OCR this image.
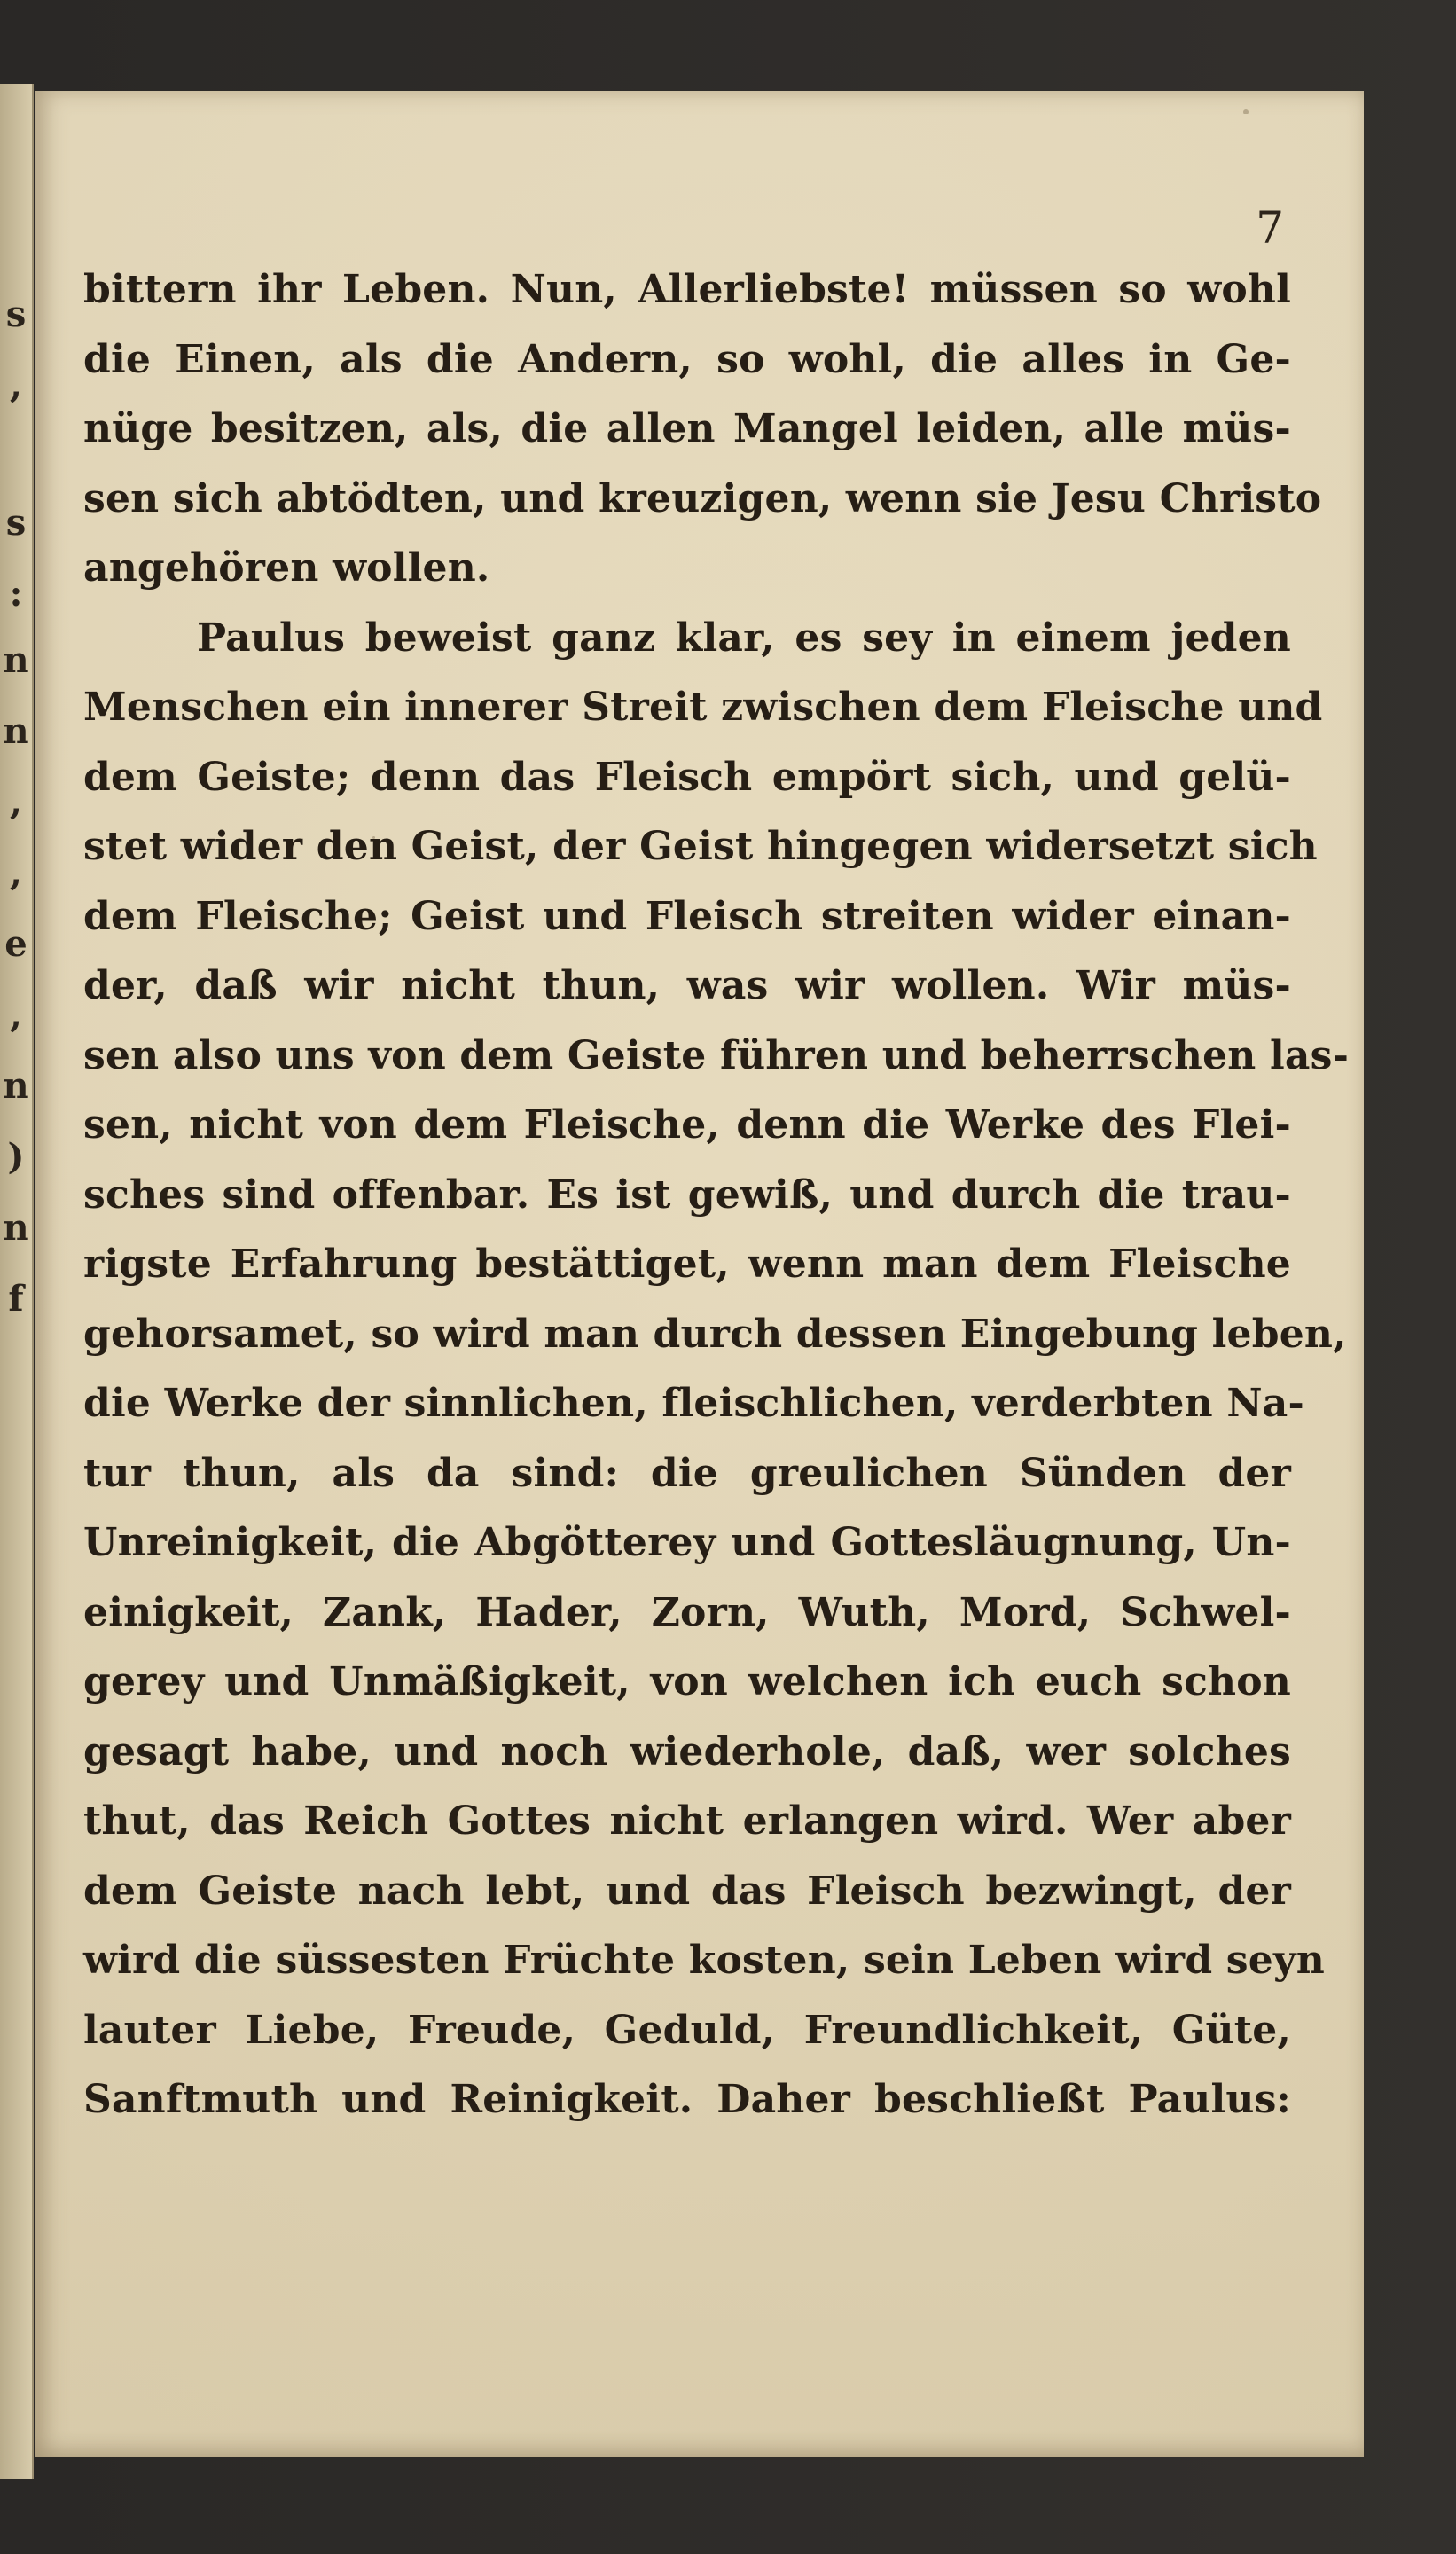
s
,
s
:
n
n
,
,
e
,
n
)
n
f
7
bittern ihr Leben. Nun, Allerliebste! müssen so wohl
die Einen, als die Andern, so wohl, die alles in Ge-
nüge besitzen, als, die allen Mangel leiden, alle müs-
sen sich abtödten, und kreuzigen, wenn sie Jesu Christo
angehören wollen.
Paulus beweist ganz klar, es sey in einem jeden
Menschen ein innerer Streit zwischen dem Fleische und
dem Geiste; denn das Fleisch empört sich, und gelü-
stet wider den Geist, der Geist hingegen widersetzt sich
dem Fleische; Geist und Fleisch streiten wider einan-
der, daß wir nicht thun, was wir wollen. Wir müs-
sen also uns von dem Geiste führen und beherrschen las-
sen, nicht von dem Fleische, denn die Werke des Flei-
sches sind offenbar. Es ist gewiß, und durch die trau-
rigste Erfahrung bestättiget, wenn man dem Fleische
gehorsamet, so wird man durch dessen Eingebung leben,
die Werke der sinnlichen, fleischlichen, verderbten Na-
tur thun, als da sind: die greulichen Sünden der
Unreinigkeit, die Abgötterey und Gottesläugnung, Un-
einigkeit, Zank, Hader, Zorn, Wuth, Mord, Schwel-
gerey und Unmäßigkeit, von welchen ich euch schon
gesagt habe, und noch wiederhole, daß, wer solches
thut, das Reich Gottes nicht erlangen wird. Wer aber
dem Geiste nach lebt, und das Fleisch bezwingt, der
wird die süssesten Früchte kosten, sein Leben wird seyn
lauter Liebe, Freude, Geduld, Freundlichkeit, Güte,
Sanftmuth und Reinigkeit. Daher beschließt Paulus:
